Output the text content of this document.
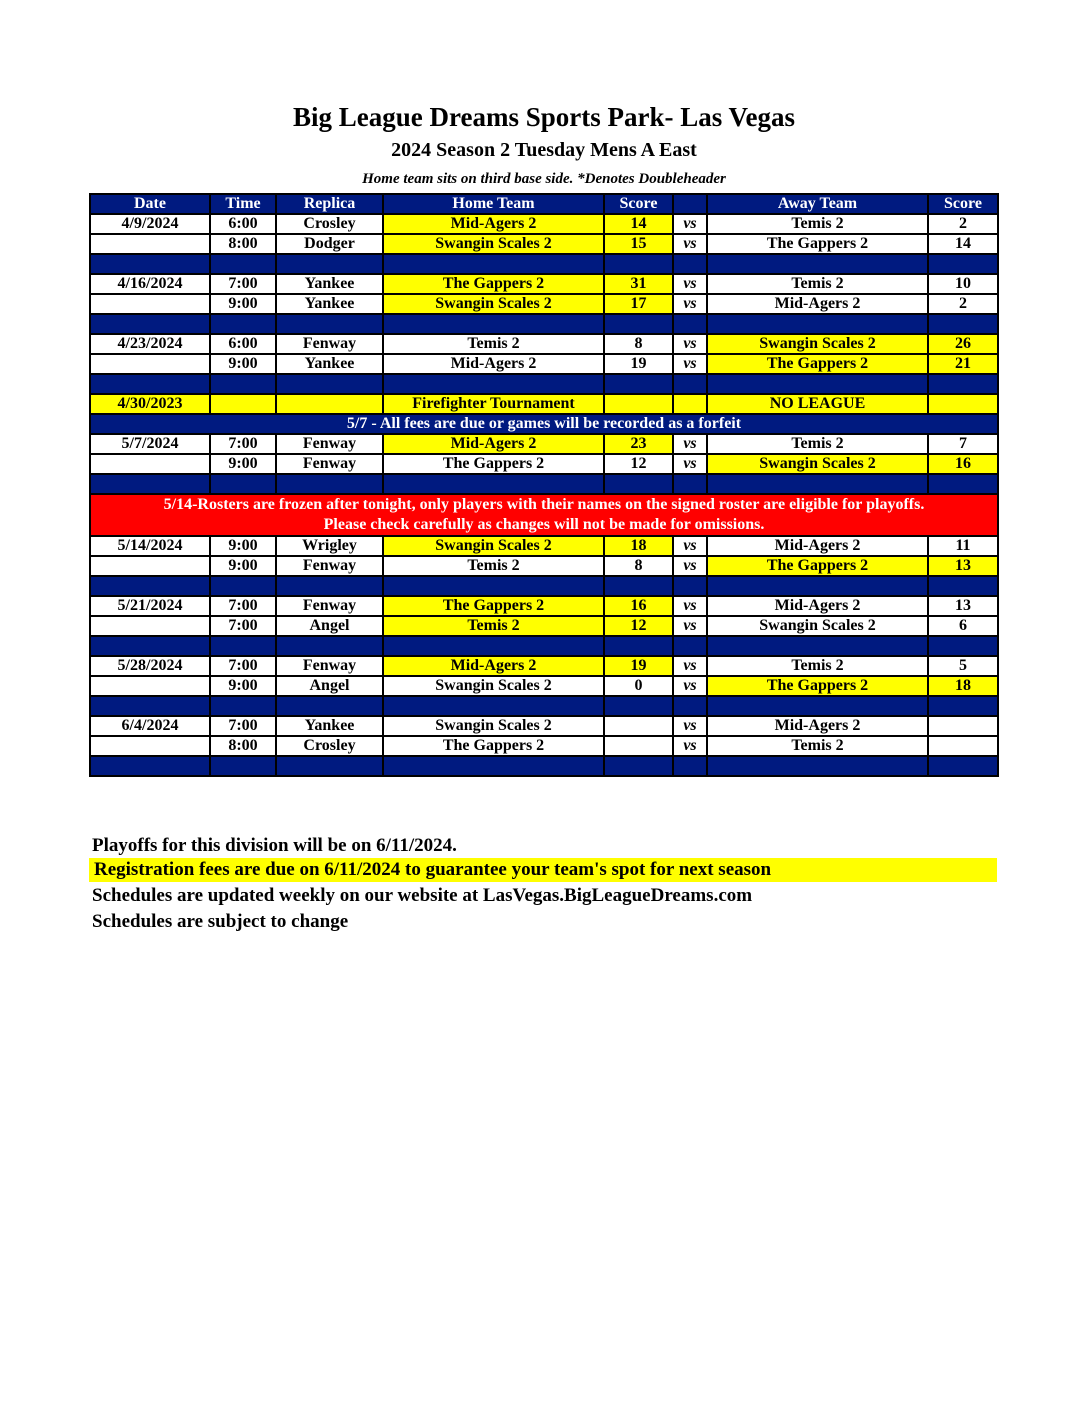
Big League Dreams Sports Park- Las Vegas
2024 Season 2 Tuesday Mens A East
Home team sits on third base side. *Denotes Doubleheader
Date	Time	Replica	Home Team	Score		Away Team	Score
4/9/2024	6:00	Crosley	Mid-Agers 2	14	vs	Temis 2	2
	8:00	Dodger	Swangin Scales 2	15	vs	The Gappers 2	14

4/16/2024	7:00	Yankee	The Gappers 2	31	vs	Temis 2	10
	9:00	Yankee	Swangin Scales 2	17	vs	Mid-Agers 2	2

4/23/2024	6:00	Fenway	Temis 2	8	vs	Swangin Scales 2	26
	9:00	Yankee	Mid-Agers 2	19	vs	The Gappers 2	21

4/30/2023			Firefighter Tournament			NO LEAGUE	
5/7 - All fees are due or games will be recorded as a forfeit							
5/7/2024	7:00	Fenway	Mid-Agers 2	23	vs	Temis 2	7
	9:00	Fenway	The Gappers 2	12	vs	Swangin Scales 2	16

5/14-Rosters are frozen after tonight, only players with their names on the signed roster are eligible for playoffs.
Please check carefully as changes will not be made for omissions.							

5/14/2024	9:00	Wrigley	Swangin Scales 2	18	vs	Mid-Agers 2	11
	9:00	Fenway	Temis 2	8	vs	The Gappers 2	13

5/21/2024	7:00	Fenway	The Gappers 2	16	vs	Mid-Agers 2	13
	7:00	Angel	Temis 2	12	vs	Swangin Scales 2	6

5/28/2024	7:00	Fenway	Mid-Agers 2	19	vs	Temis 2	5
	9:00	Angel	Swangin Scales 2	0	vs	The Gappers 2	18

6/4/2024	7:00	Yankee	Swangin Scales 2		vs	Mid-Agers 2	
	8:00	Crosley	The Gappers 2		vs	Temis 2	

Playoffs for this division will be on 6/11/2024.
Registration fees are due on 6/11/2024 to guarantee your team's spot for next season
Schedules are updated weekly on our website at LasVegas.BigLeagueDreams.com
Schedules are subject to change
